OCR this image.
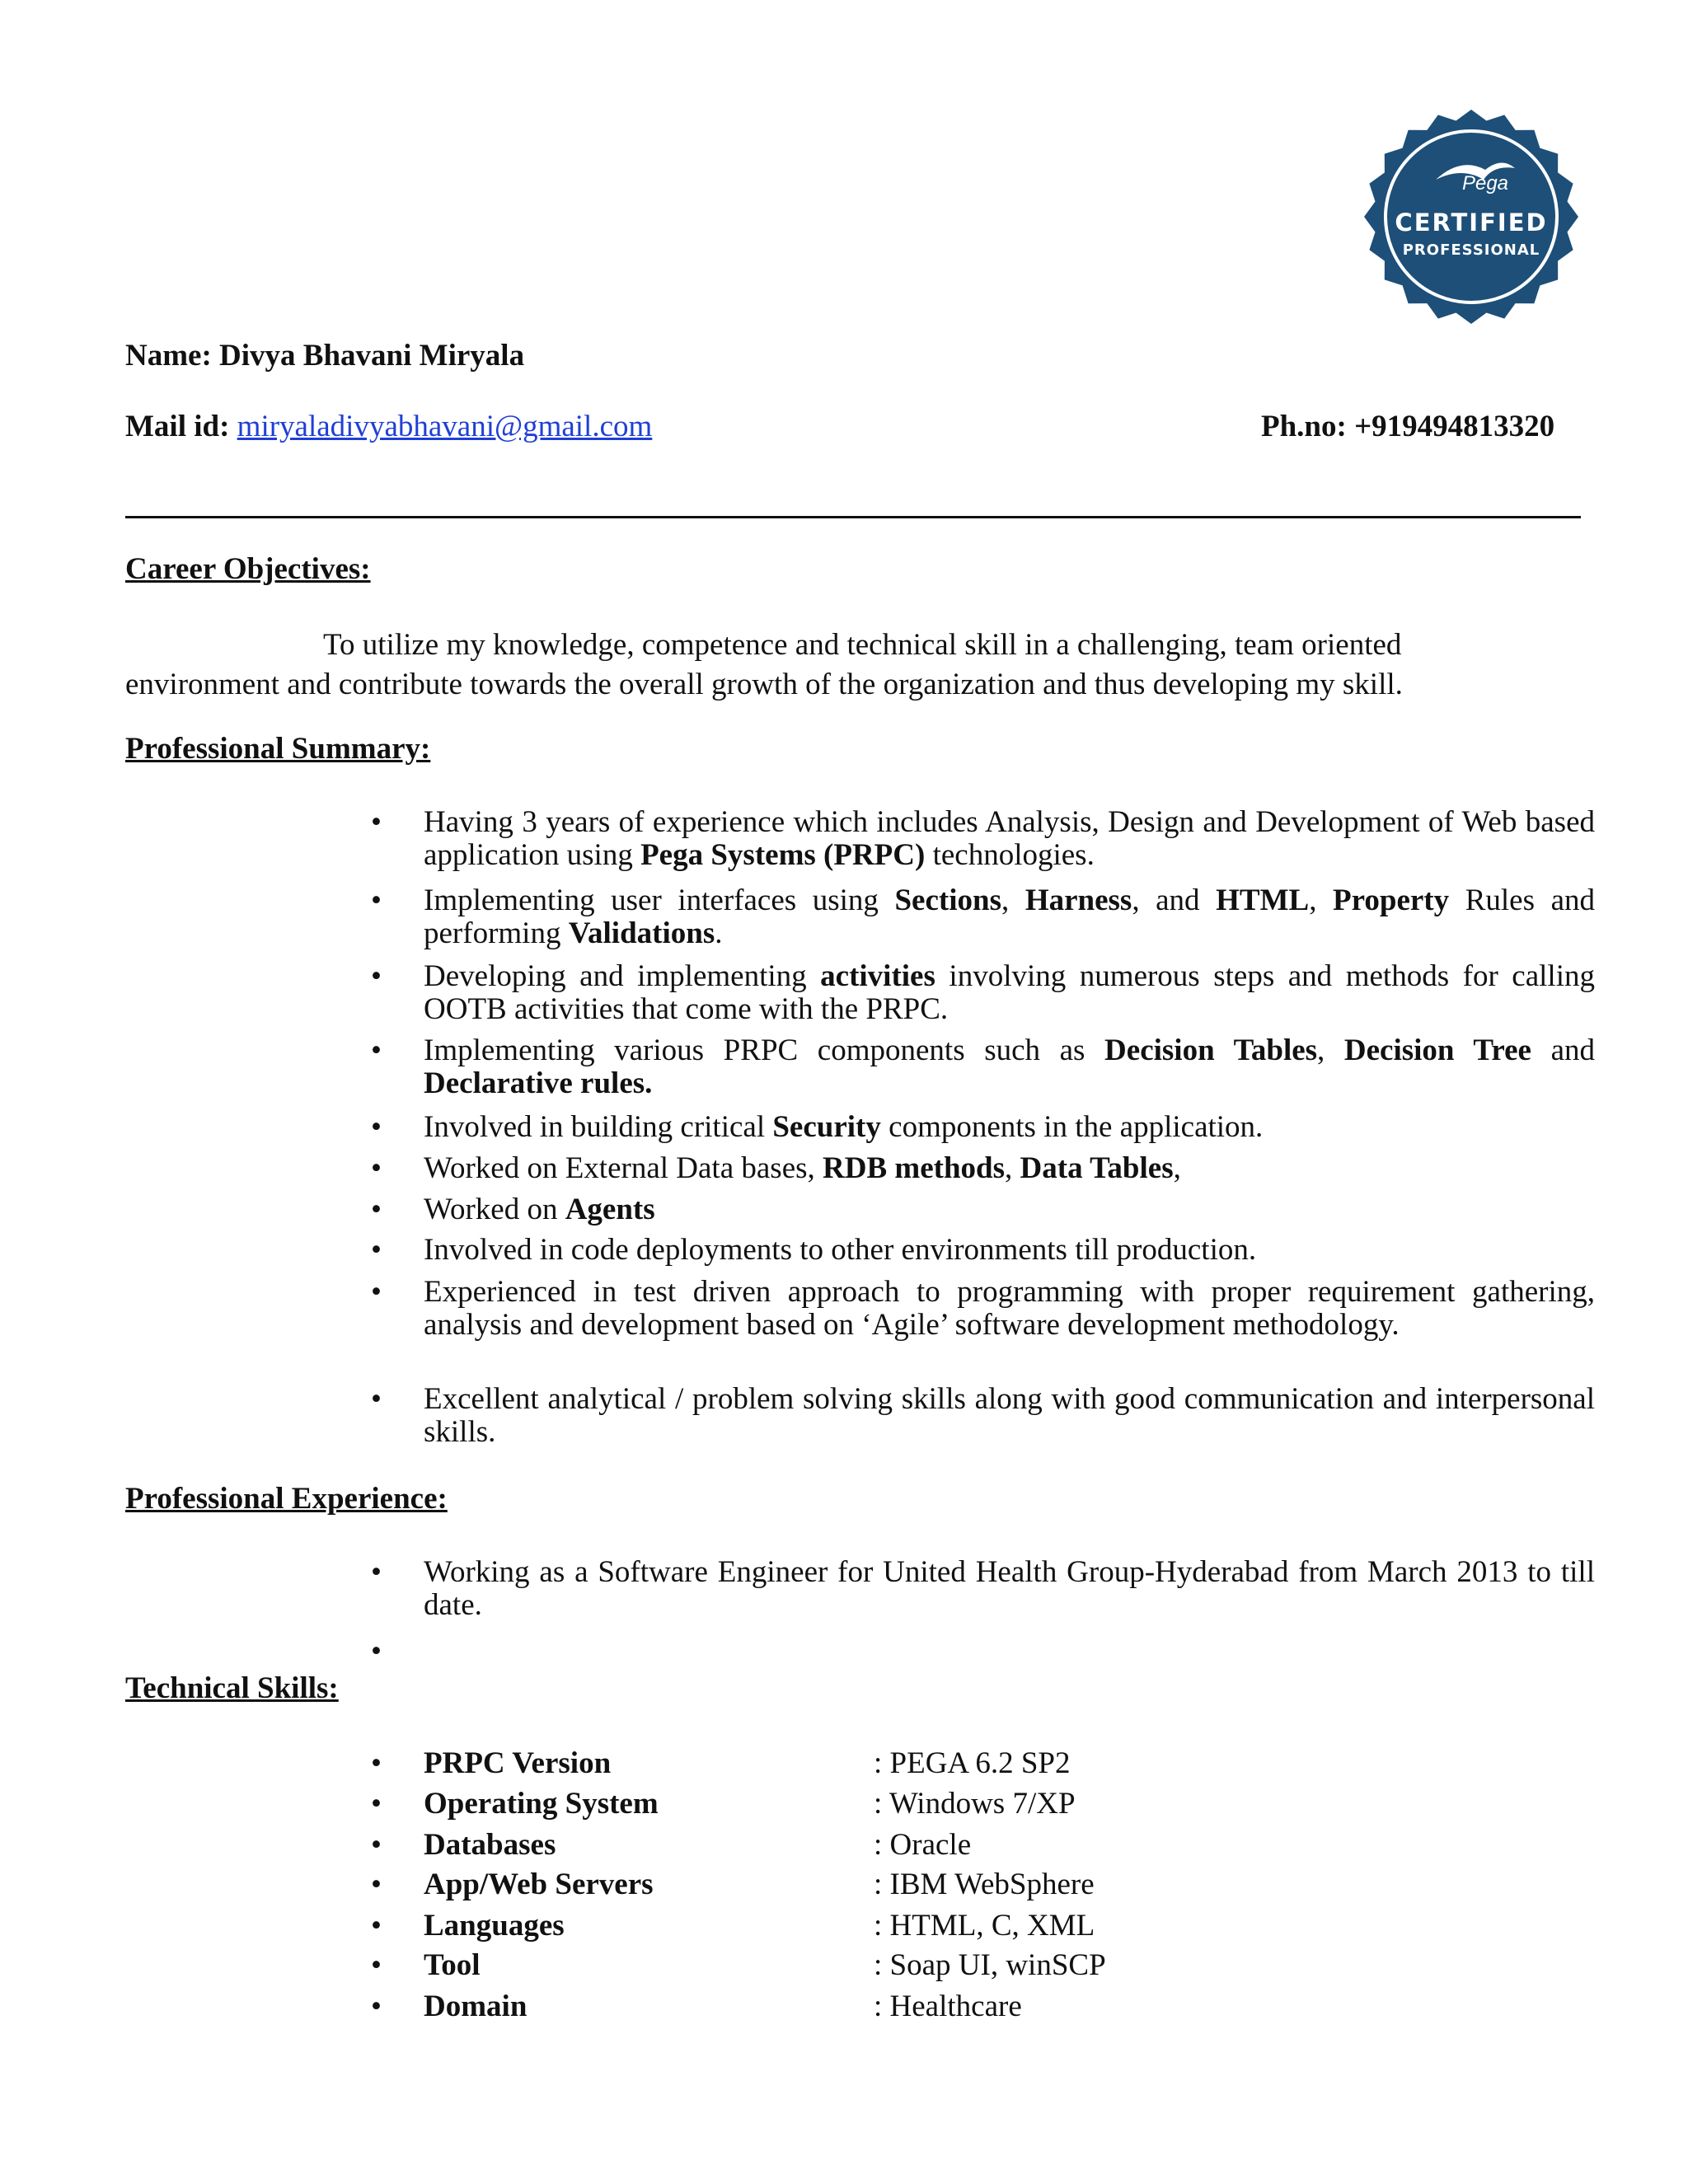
Pega
CERTIFIED
PROFESSIONAL
Name: Divya Bhavani Miryala
Mail id: miryaladivyabhavani@gmail.com	Ph.no: +919494813320
Career Objectives:
To utilize my knowledge, competence and technical skill in a challenging, team oriented
environment and contribute towards the overall growth of the organization and thus developing my skill.
Professional Summary:
• Having 3 years of experience which includes Analysis, Design and Development of Web based application using Pega Systems (PRPC) technologies.
• Implementing user interfaces using Sections, Harness, and HTML, Property Rules and performing Validations.
• Developing and implementing activities involving numerous steps and methods for calling OOTB activities that come with the PRPC.
• Implementing various PRPC components such as Decision Tables, Decision Tree and Declarative rules.
• Involved in building critical Security components in the application.
• Worked on External Data bases, RDB methods, Data Tables,
• Worked on Agents
• Involved in code deployments to other environments till production.
• Experienced in test driven approach to programming with proper requirement gathering, analysis and development based on ‘Agile’ software development methodology.
• Excellent analytical / problem solving skills along with good communication and interpersonal skills.
Professional Experience:
• Working as a Software Engineer for United Health Group-Hyderabad from March 2013 to till date.
•
Technical Skills:
• PRPC Version	: PEGA 6.2 SP2
• Operating System	: Windows 7/XP
• Databases	: Oracle
• App/Web Servers	: IBM WebSphere
• Languages	: HTML, C, XML
• Tool	: Soap UI, winSCP
• Domain	: Healthcare
